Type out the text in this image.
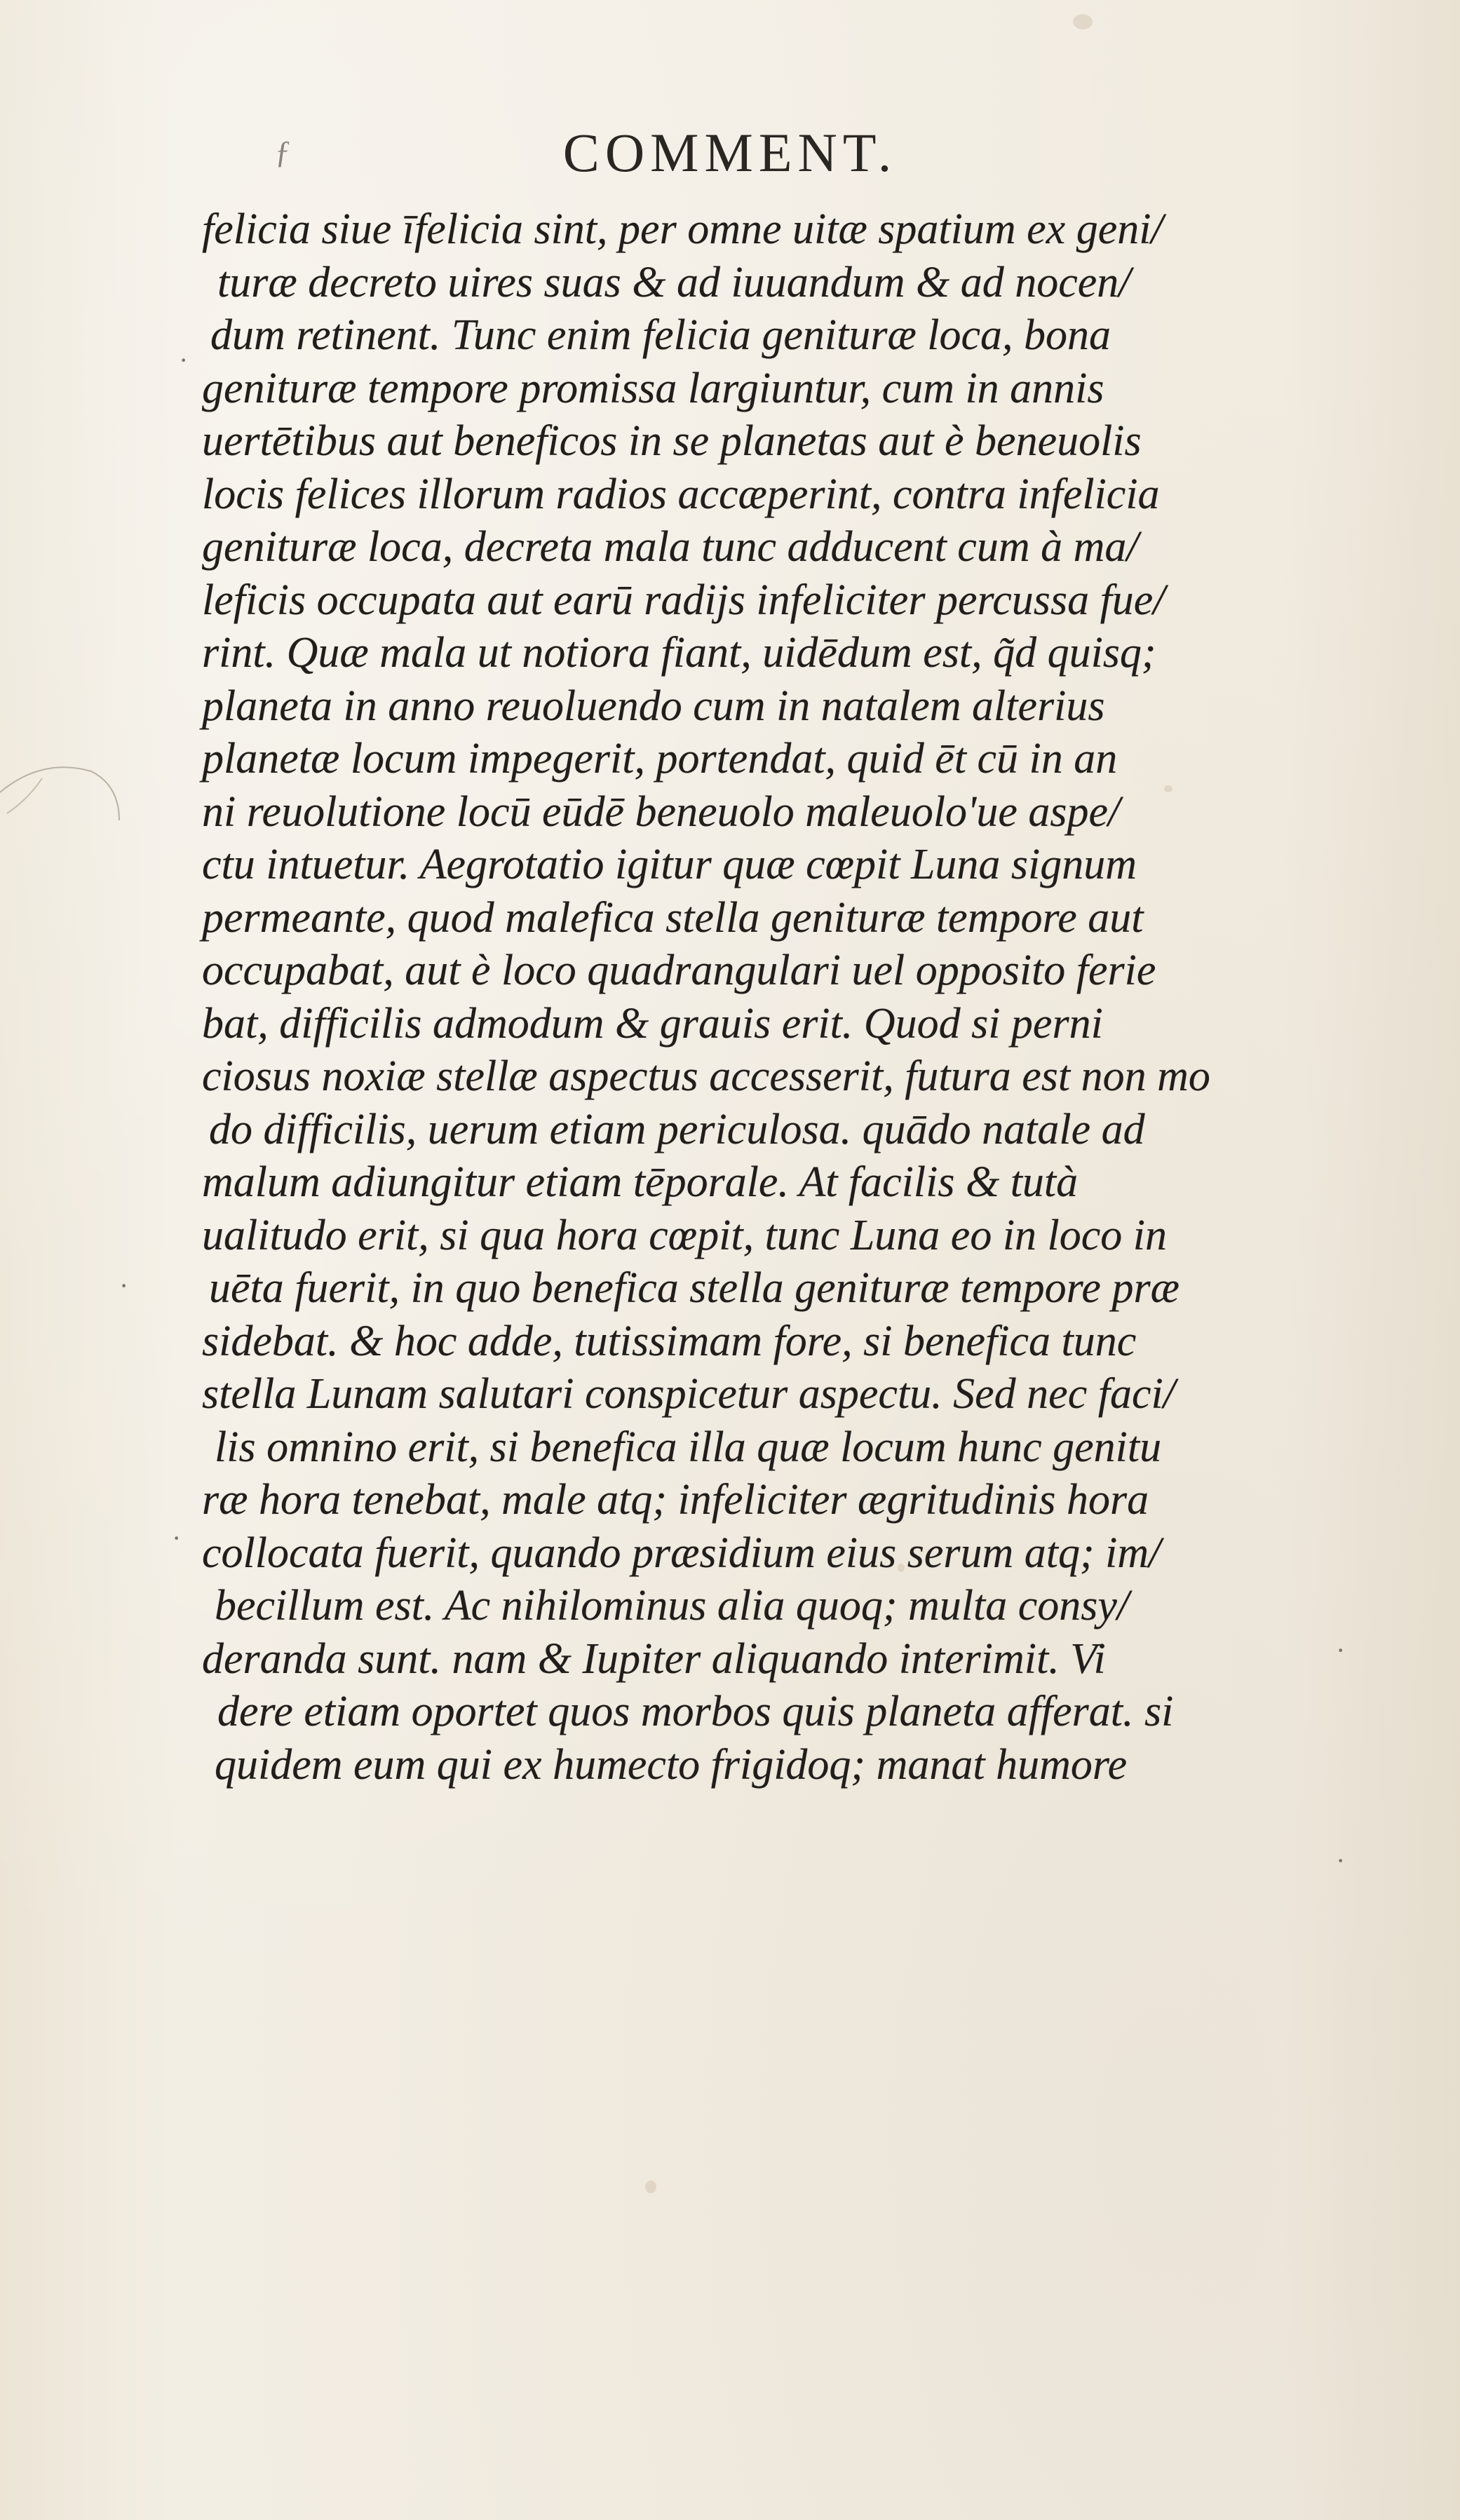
ƒ	COMMENT.
·
·
·
·
·
felicia siue īfelicia sint, per omne uitæ spatium ex geni/
turæ decreto uires suas & ad iuuandum & ad nocen/
dum retinent. Tunc enim felicia genituræ loca, bona
genituræ tempore promissa largiuntur, cum in annis
uertētibus aut beneficos in se planetas aut è beneuolis
locis felices illorum radios accæperint, contra infelicia
genituræ loca, decreta mala tunc adducent cum à ma/
leficis occupata aut earū radijs infeliciter percussa fue/
rint. Quæ mala ut notiora fiant, uidēdum est, q̃d quisq;
planeta in anno reuoluendo cum in natalem alterius
planetæ locum impegerit, portendat, quid ēt cū in an
ni reuolutione locū eūdē beneuolo maleuolo'ue aspe/
ctu intuetur. Aegrotatio igitur quæ cœpit Luna signum
permeante, quod malefica stella genituræ tempore aut
occupabat, aut è loco quadrangulari uel opposito ferie
bat, difficilis admodum & grauis erit. Quod si perni
ciosus noxiæ stellæ aspectus accesserit, futura est non mo
do difficilis, uerum etiam periculosa. quādo natale ad
malum adiungitur etiam tēporale. At facilis & tutà
ualitudo erit, si qua hora cœpit, tunc Luna eo in loco in
uēta fuerit, in quo benefica stella genituræ tempore præ
sidebat. & hoc adde, tutissimam fore, si benefica tunc
stella Lunam salutari conspicetur aspectu. Sed nec faci/
lis omnino erit, si benefica illa quæ locum hunc genitu
ræ hora tenebat, male atq; infeliciter ægritudinis hora
collocata fuerit, quando præsidium eius serum atq; im/
becillum est. Ac nihilominus alia quoq; multa consy/
deranda sunt. nam & Iupiter aliquando interimit. Vi
dere etiam oportet quos morbos quis planeta afferat. si
quidem eum qui ex humecto frigidoq; manat humore
